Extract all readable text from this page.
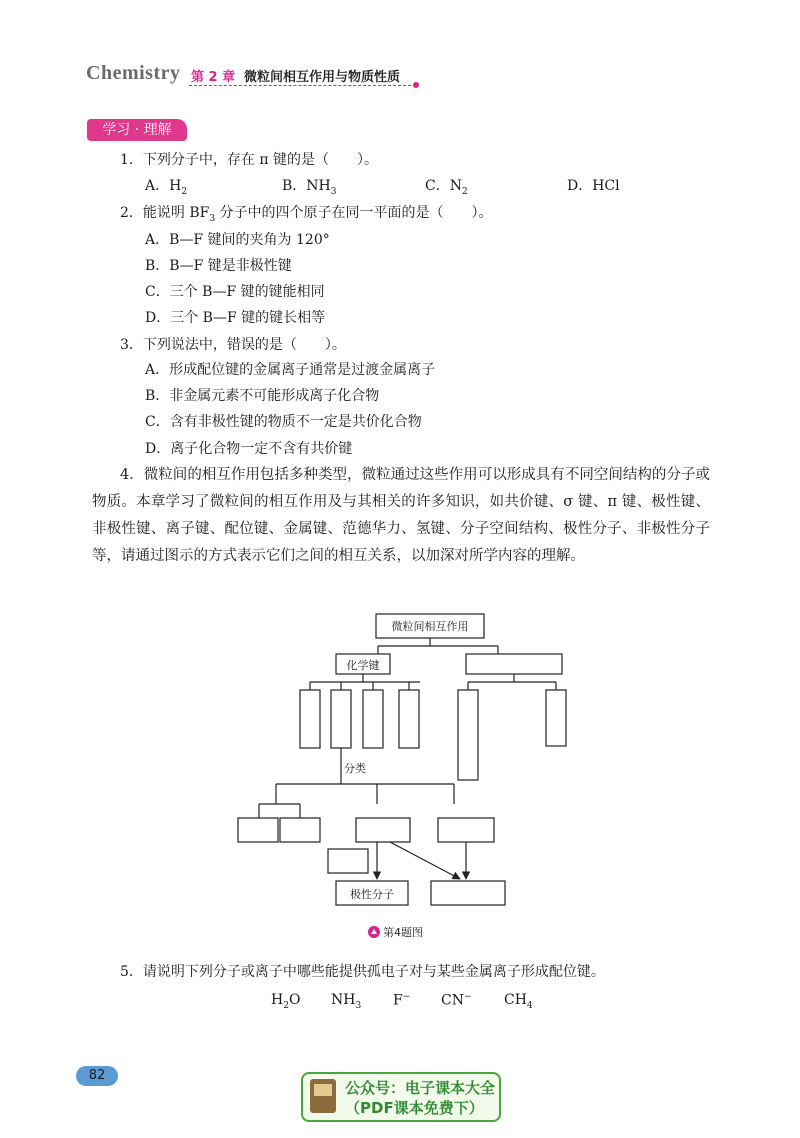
Chemistry 第 2 章 微粒间相互作用与物质性质
学习 · 理解
1．下列分子中，存在 π 键的是（　　）。
A．$H_2$	B．$NH_3$	C．$N_2$	D．HCl
2．能说明 $BF_3$ 分子中的四个原子在同一平面的是（　　）。
A．B—F 键间的夹角为 120°
B．B—F 键是非极性键
C．三个 B—F 键的键能相同
D．三个 B—F 键的键长相等
3．下列说法中，错误的是（　　）。
A．形成配位键的金属离子通常是过渡金属离子
B．非金属元素不可能形成离子化合物
C．含有非极性键的物质不一定是共价化合物
D．离子化合物一定不含有共价键
4．微粒间的相互作用包括多种类型，微粒通过这些作用可以形成具有不同空间结构的分子或物质。本章学习了微粒间的相互作用及与其相关的许多知识，如共价键、σ 键、π 键、极性键、非极性键、离子键、配位键、金属键、范德华力、氢键、分子空间结构、极性分子、非极性分子等，请通过图示的方式表示它们之间的相互关系，以加深对所学内容的理解。
微粒间相互作用
化学键
分类
极性分子
第4题图
5．请说明下列分子或离子中哪些能提供孤电子对与某些金属离子形成配位键。
$H_2O$ $NH_3$ F− CN− $CH_4$
82
公众号：电子课本大全
（PDF课本免费下）
